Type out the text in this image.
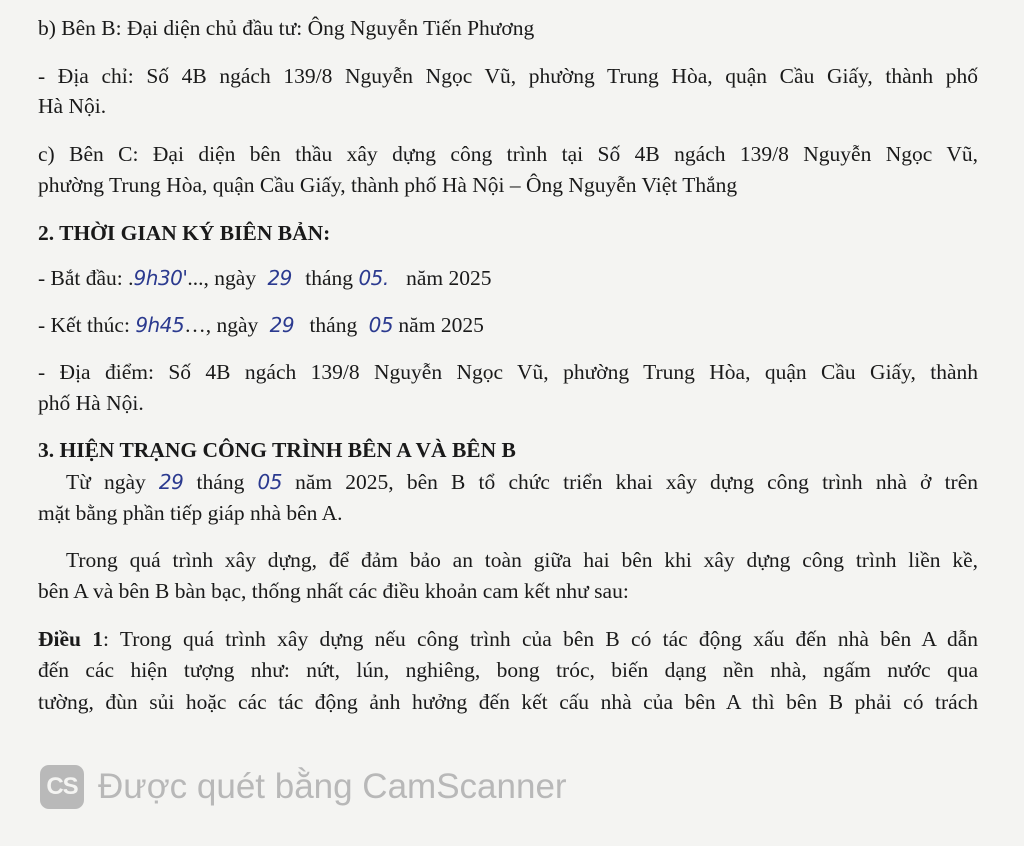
b) Bên B: Đại diện chủ đầu tư: Ông Nguyễn Tiến Phương
- Địa chỉ: Số 4B ngách 139/8 Nguyễn Ngọc Vũ, phường Trung Hòa, quận Cầu Giấy, thành phố
Hà Nội.
c) Bên C: Đại diện bên thầu xây dựng công trình tại Số 4B ngách 139/8 Nguyễn Ngọc Vũ,
phường Trung Hòa, quận Cầu Giấy, thành phố Hà Nội – Ông Nguyễn Việt Thắng
2. THỜI GIAN KÝ BIÊN BẢN:
- Bắt đầu: .9h30'..., ngày 29 tháng 05. năm 2025
- Kết thúc: 9h45…, ngày 29 tháng 05 năm 2025
- Địa điểm: Số 4B ngách 139/8 Nguyễn Ngọc Vũ, phường Trung Hòa, quận Cầu Giấy, thành
phố Hà Nội.
3. HIỆN TRẠNG CÔNG TRÌNH BÊN A VÀ BÊN B
Từ ngày 29 tháng 05 năm 2025, bên B tổ chức triển khai xây dựng công trình nhà ở trên
mặt bằng phần tiếp giáp nhà bên A.
Trong quá trình xây dựng, để đảm bảo an toàn giữa hai bên khi xây dựng công trình liền kề,
bên A và bên B bàn bạc, thống nhất các điều khoản cam kết như sau:
Điều 1: Trong quá trình xây dựng nếu công trình của bên B có tác động xấu đến nhà bên A dẫn
đến các hiện tượng như: nứt, lún, nghiêng, bong tróc, biến dạng nền nhà, ngấm nước qua
tường, đùn sủi hoặc các tác động ảnh hưởng đến kết cấu nhà của bên A thì bên B phải có trách
CS Được quét bằng CamScanner
